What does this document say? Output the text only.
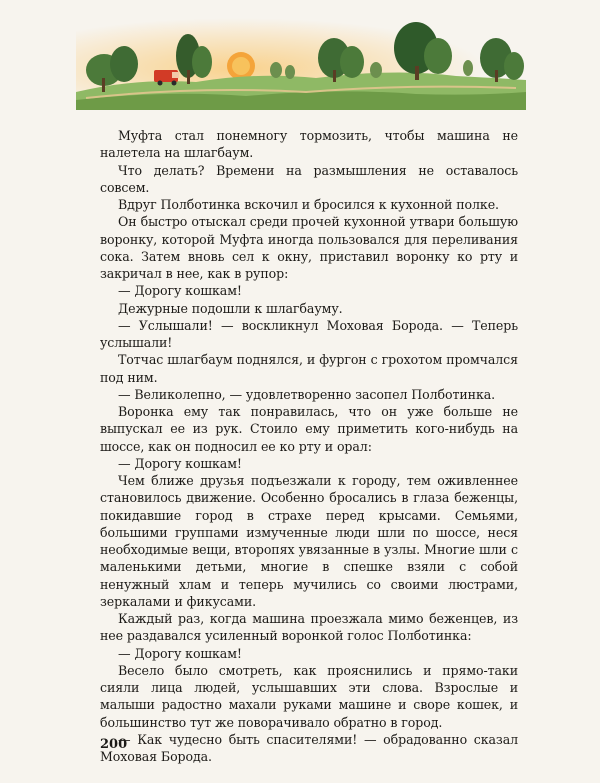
Муфта стал понемногу тормозить, чтобы машина не налетела на шлагбаум.

Что делать? Времени на размышления не оставалось совсем.

Вдруг Полботинка вскочил и бросился к кухонной полке.

Он быстро отыскал среди прочей кухонной утвари большую воронку, которой Муфта иногда пользовался для переливания сока. Затем вновь сел к окну, приставил воронку ко рту и закричал в нее, как в рупор:

— Дорогу кошкам!

Дежурные подошли к шлагбауму.

— Услышали! — воскликнул Моховая Борода. — Теперь услышали!

Тотчас шлагбаум поднялся, и фургон с грохотом промчался под ним.

— Великолепно, — удовлетворенно засопел Полботинка.

Воронка ему так понравилась, что он уже больше не выпускал ее из рук. Стоило ему приметить кого-нибудь на шоссе, как он подносил ее ко рту и орал:

— Дорогу кошкам!

Чем ближе друзья подъезжали к городу, тем оживленнее становилось движение. Особенно бросались в глаза беженцы, покидавшие город в страхе перед крысами. Семьями, большими группами измученные люди шли по шоссе, неся необходимые вещи, второпях увязанные в узлы. Многие шли с маленькими детьми, многие в спешке взяли с собой ненужный хлам и теперь мучились со своими люстрами, зеркалами и фикусами.

Каждый раз, когда машина проезжала мимо беженцев, из нее раздавался усиленный воронкой голос Полботинка:

— Дорогу кошкам!

Весело было смотреть, как прояснились и прямо-таки сияли лица людей, услышавших эти слова. Взрослые и малыши радостно махали руками машине и своре кошек, и большинство тут же поворачивало обратно в город.

— Как чудесно быть спасителями! — обрадованно сказал Моховая Борода.

200
